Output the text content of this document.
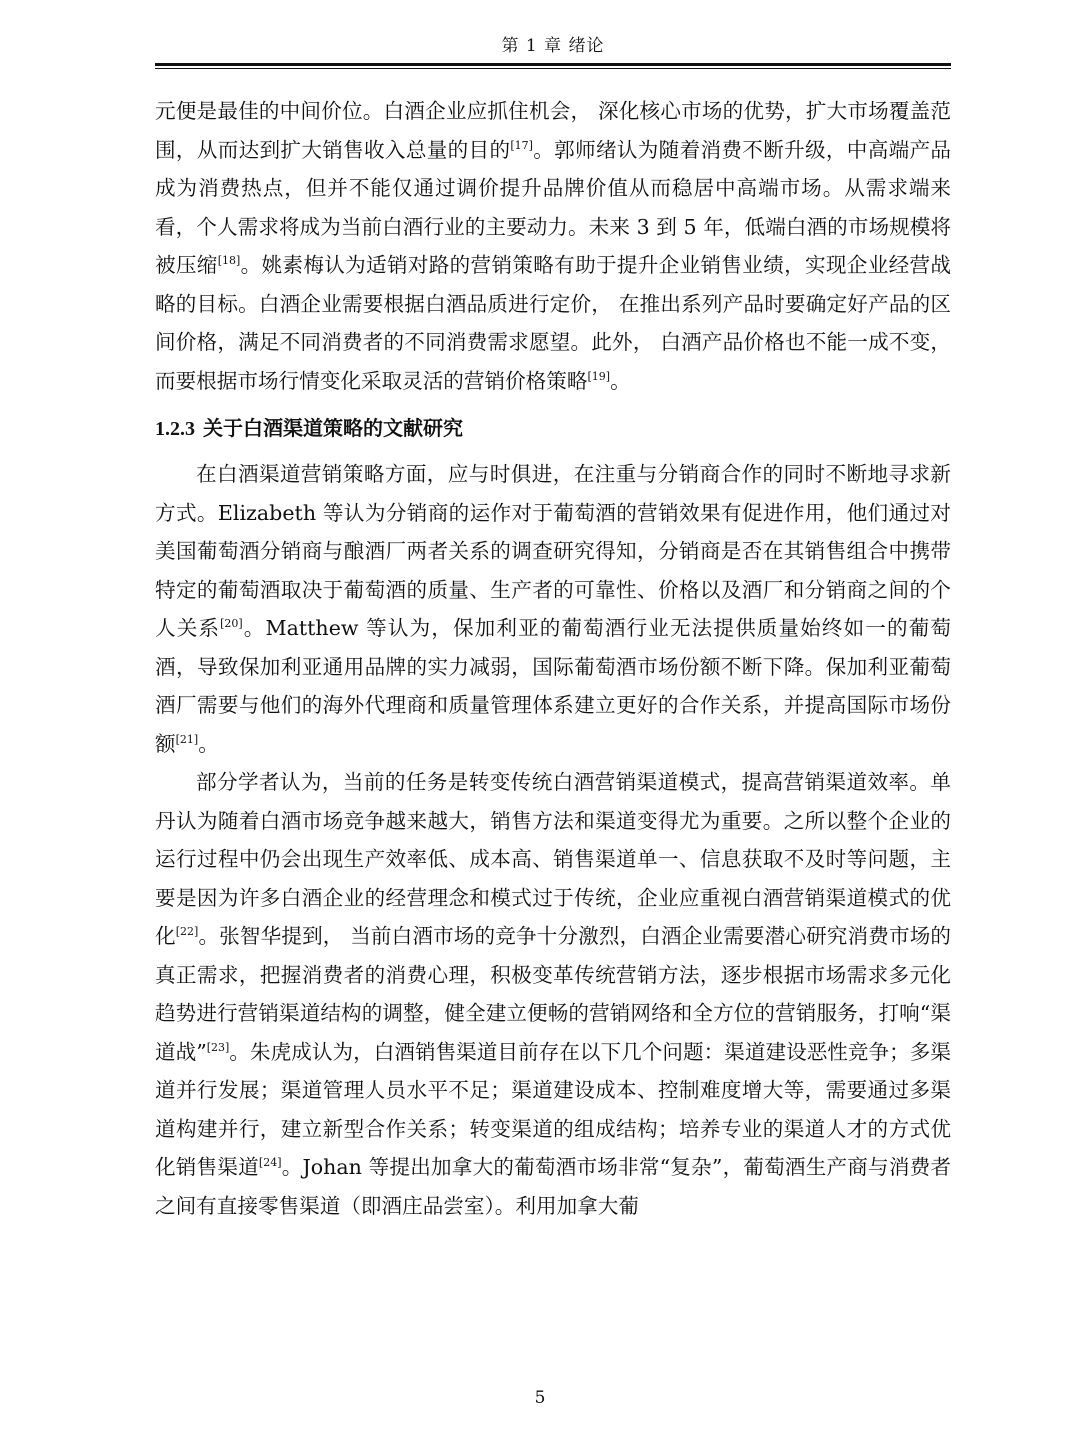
第 1 章 绪论

元便是最佳的中间价位。白酒企业应抓住机会， 深化核心市场的优势，扩大市场覆盖范围，从而达到扩大销售收入总量的目的[17]。郭师绪认为随着消费不断升级，中高端产品成为消费热点，但并不能仅通过调价提升品牌价值从而稳居中高端市场。从需求端来看，个人需求将成为当前白酒行业的主要动力。未来 3 到 5 年，低端白酒的市场规模将被压缩[18]。姚素梅认为适销对路的营销策略有助于提升企业销售业绩，实现企业经营战略的目标。白酒企业需要根据白酒品质进行定价， 在推出系列产品时要确定好产品的区间价格，满足不同消费者的不同消费需求愿望。此外， 白酒产品价格也不能一成不变，而要根据市场行情变化采取灵活的营销价格策略[19]。

1.2.3 关于白酒渠道策略的文献研究

在白酒渠道营销策略方面，应与时俱进，在注重与分销商合作的同时不断地寻求新方式。Elizabeth 等认为分销商的运作对于葡萄酒的营销效果有促进作用，他们通过对美国葡萄酒分销商与酿酒厂两者关系的调查研究得知，分销商是否在其销售组合中携带特定的葡萄酒取决于葡萄酒的质量、生产者的可靠性、价格以及酒厂和分销商之间的个人关系[20]。Matthew 等认为，保加利亚的葡萄酒行业无法提供质量始终如一的葡萄酒，导致保加利亚通用品牌的实力减弱，国际葡萄酒市场份额不断下降。保加利亚葡萄酒厂需要与他们的海外代理商和质量管理体系建立更好的合作关系，并提高国际市场份额[21]。

部分学者认为，当前的任务是转变传统白酒营销渠道模式，提高营销渠道效率。单丹认为随着白酒市场竞争越来越大，销售方法和渠道变得尤为重要。之所以整个企业的运行过程中仍会出现生产效率低、成本高、销售渠道单一、信息获取不及时等问题，主要是因为许多白酒企业的经营理念和模式过于传统，企业应重视白酒营销渠道模式的优化[22]。张智华提到， 当前白酒市场的竞争十分激烈，白酒企业需要潜心研究消费市场的真正需求，把握消费者的消费心理，积极变革传统营销方法，逐步根据市场需求多元化趋势进行营销渠道结构的调整，健全建立便畅的营销网络和全方位的营销服务，打响“渠道战”[23]。朱虎成认为，白酒销售渠道目前存在以下几个问题：渠道建设恶性竞争；多渠道并行发展；渠道管理人员水平不足；渠道建设成本、控制难度增大等，需要通过多渠道构建并行，建立新型合作关系；转变渠道的组成结构；培养专业的渠道人才的方式优化销售渠道[24]。Johan 等提出加拿大的葡萄酒市场非常“复杂”，葡萄酒生产商与消费者之间有直接零售渠道（即酒庄品尝室）。利用加拿大葡

5
